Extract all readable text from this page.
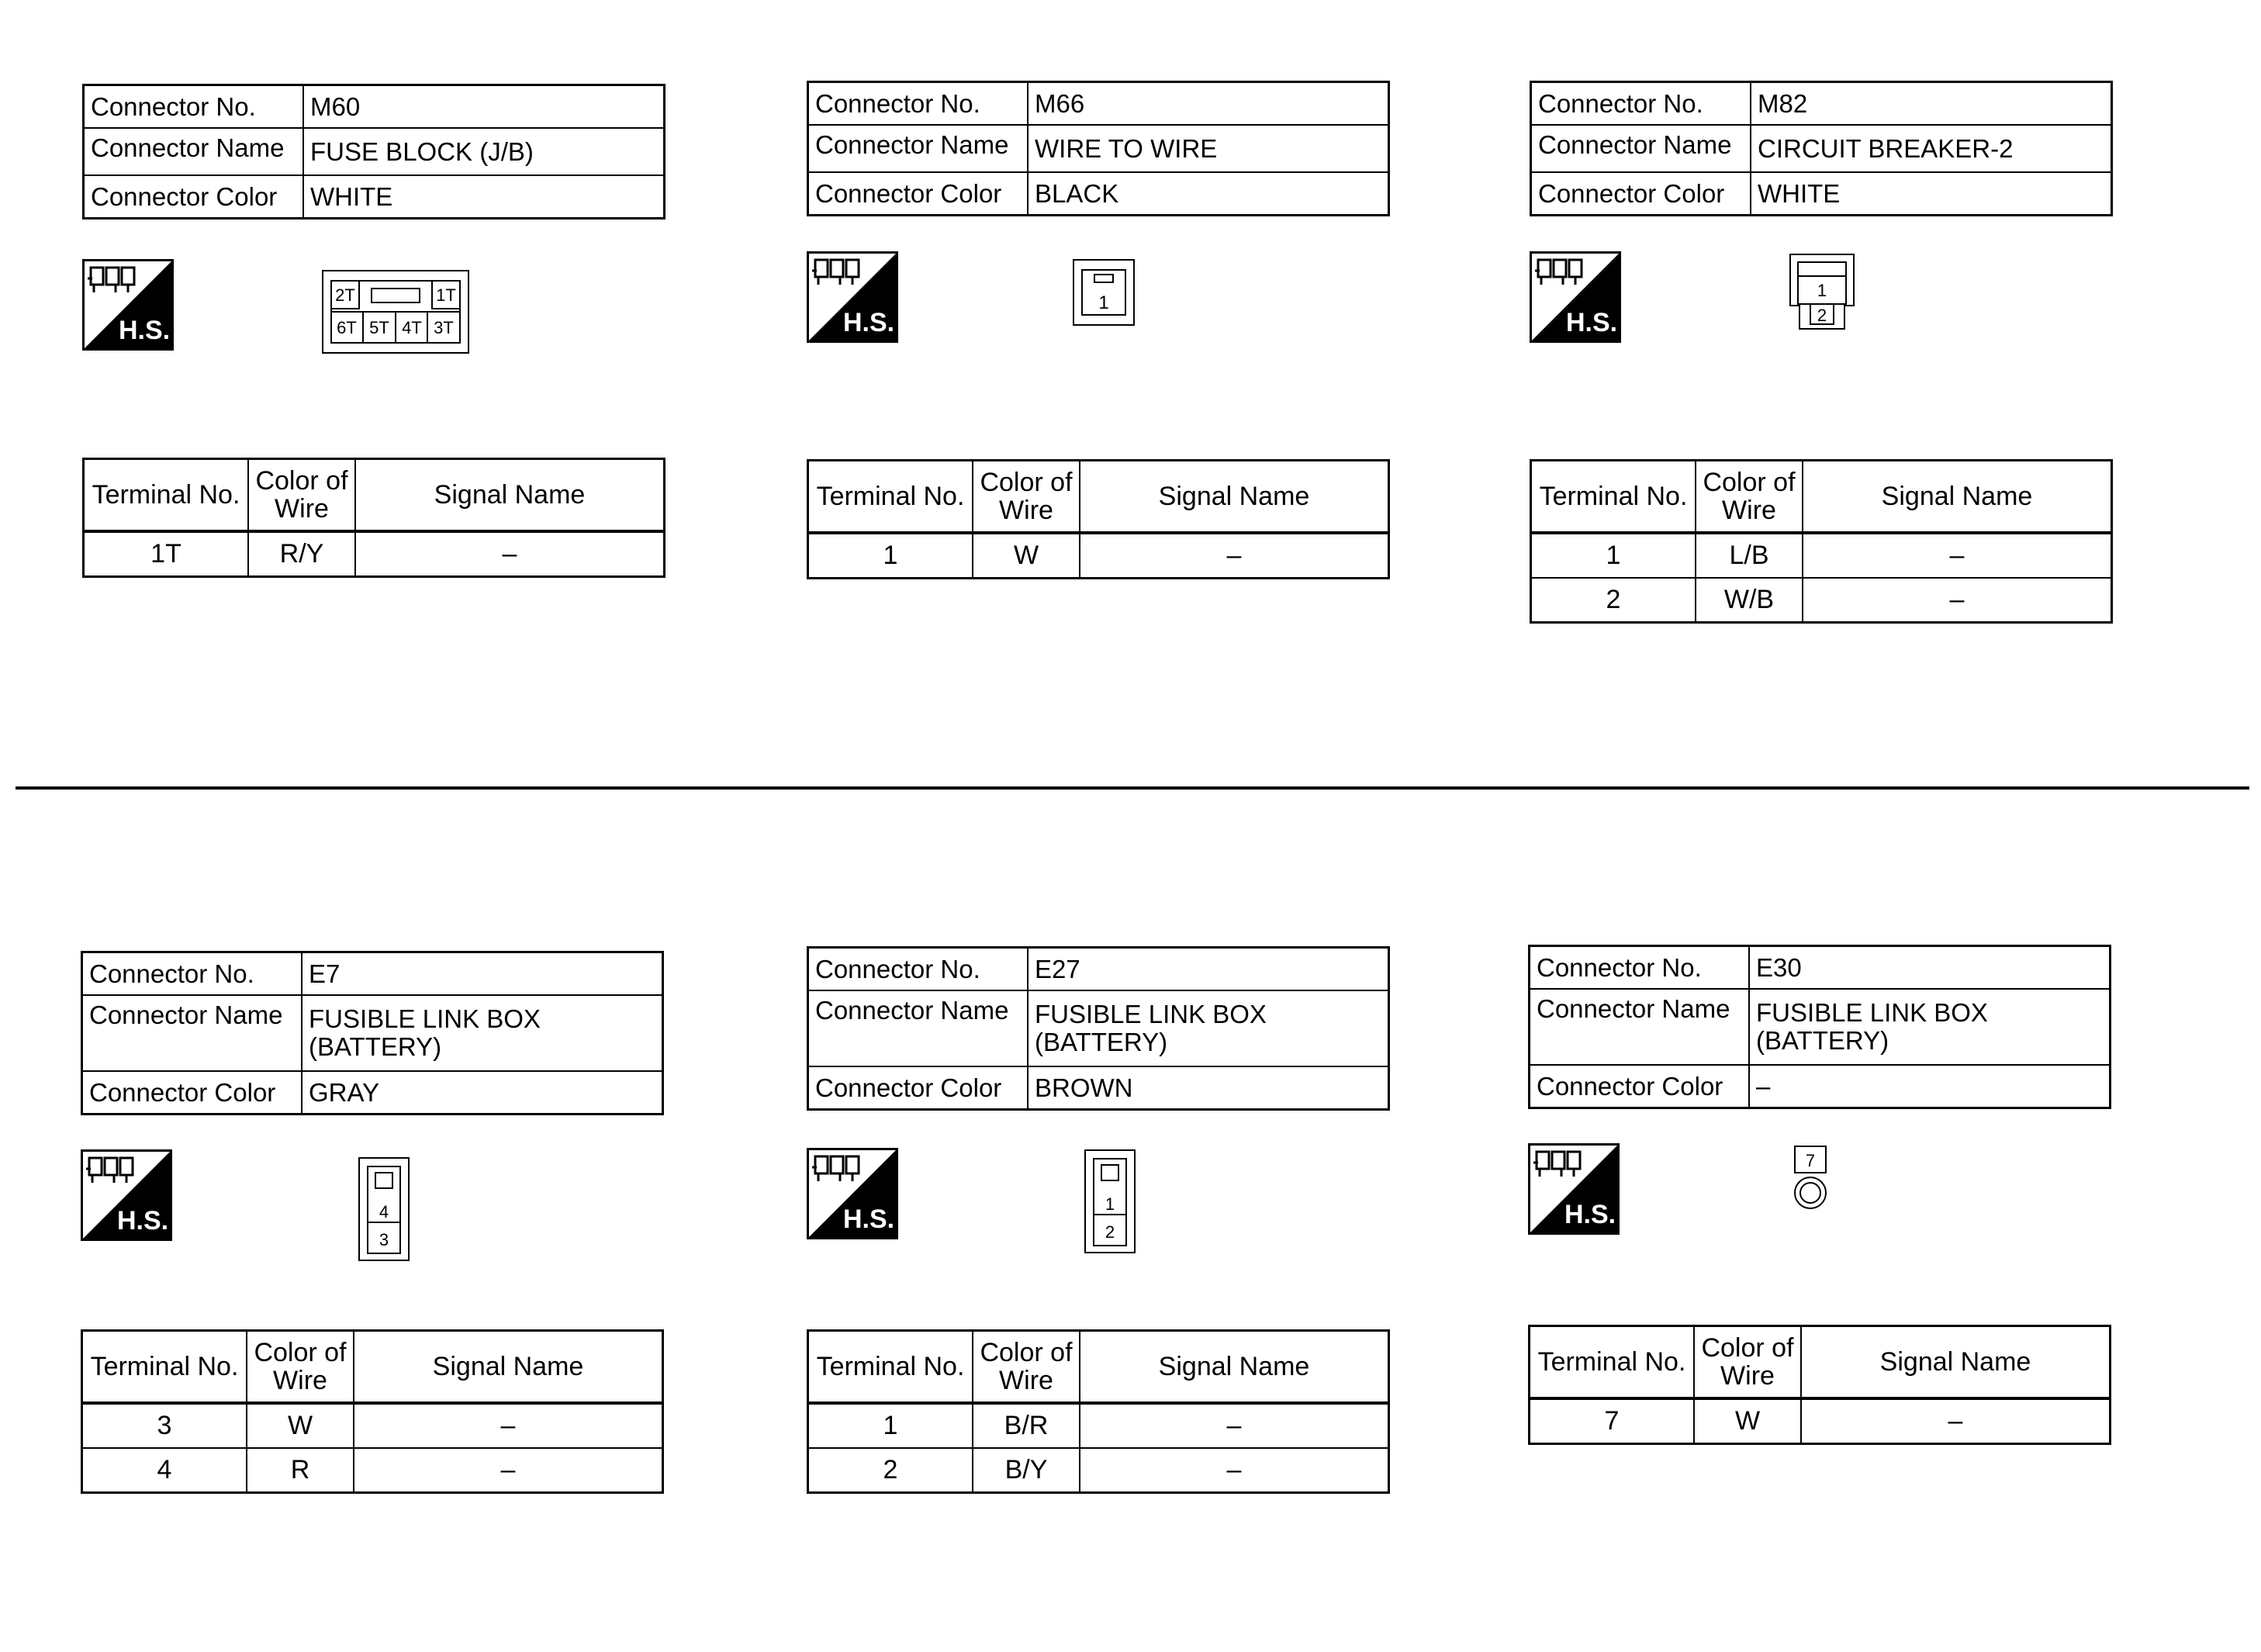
Connector No.	M60
Connector Name	FUSE BLOCK (J/B)
Connector Color	WHITE
H.S.
2T	1T
6T 5T 4T 3T
Terminal No.	Color of Wire	Signal Name
1T	R/Y	–
Connector No.	M66
Connector Name	WIRE TO WIRE
Connector Color	BLACK
H.S.
1
Terminal No.	Color of Wire	Signal Name
1	W	–
Connector No.	M82
Connector Name	CIRCUIT BREAKER-2
Connector Color	WHITE
H.S.
1
2
Terminal No.	Color of Wire	Signal Name
1	L/B	–
2	W/B	–
Connector No.	E7
Connector Name	FUSIBLE LINK BOX (BATTERY)
Connector Color	GRAY
H.S.	4
3
Terminal No.	Color of Wire	Signal Name
3	W	–
4	R	–
Connector No.	E27
Connector Name	FUSIBLE LINK BOX (BATTERY)
Connector Color	BROWN
H.S.
1
2
Terminal No.	Color of Wire	Signal Name
1	B/R	–
2	B/Y	–
Connector No.	E30
Connector Name	FUSIBLE LINK BOX (BATTERY)
Connector Color	–
H.S.
7
Terminal No.	Color of Wire	Signal Name
7	W	–
